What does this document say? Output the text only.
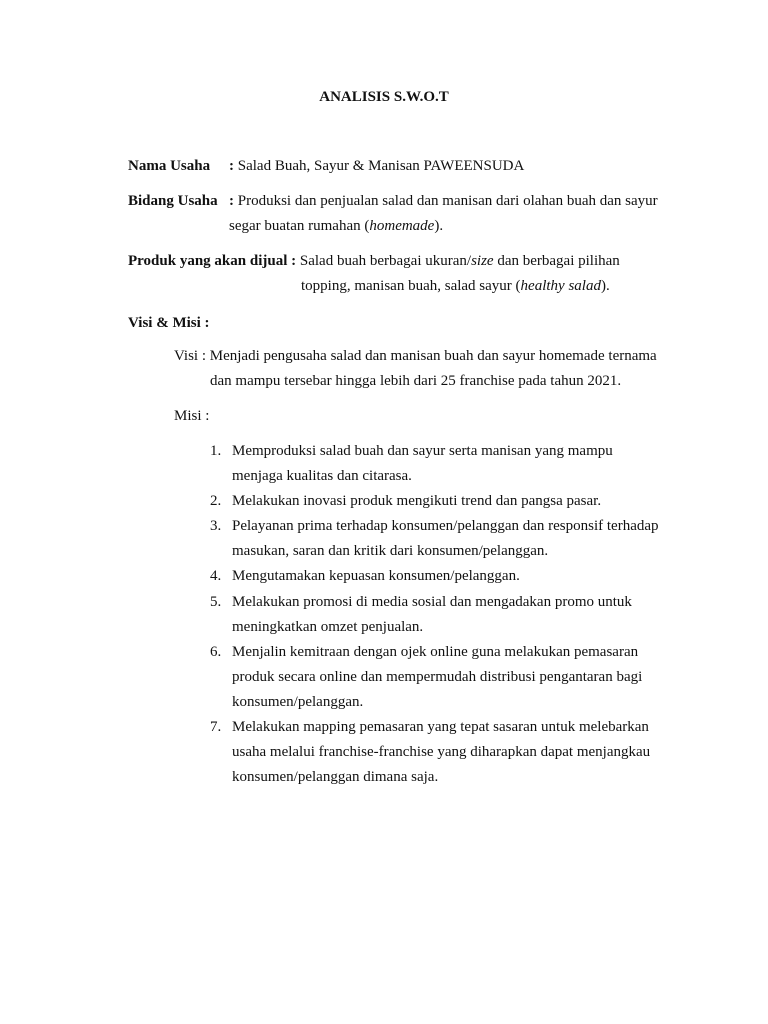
ANALISIS S.W.O.T
Nama Usaha : Salad Buah, Sayur & Manisan PAWEENSUDA
Bidang Usaha : Produksi dan penjualan salad dan manisan dari olahan buah dan sayur
segar buatan rumahan (homemade).
Produk yang akan dijual : Salad buah berbagai ukuran/size dan berbagai pilihan
topping, manisan buah, salad sayur (healthy salad).
Visi & Misi :
Visi : Menjadi pengusaha salad dan manisan buah dan sayur homemade ternama
dan mampu tersebar hingga lebih dari 25 franchise pada tahun 2021.
Misi :
1. Memproduksi salad buah dan sayur serta manisan yang mampu
menjaga kualitas dan citarasa.
2. Melakukan inovasi produk mengikuti trend dan pangsa pasar.
3. Pelayanan prima terhadap konsumen/pelanggan dan responsif terhadap
masukan, saran dan kritik dari konsumen/pelanggan.
4. Mengutamakan kepuasan konsumen/pelanggan.
5. Melakukan promosi di media sosial dan mengadakan promo untuk
meningkatkan omzet penjualan.
6. Menjalin kemitraan dengan ojek online guna melakukan pemasaran
produk secara online dan mempermudah distribusi pengantaran bagi
konsumen/pelanggan.
7. Melakukan mapping pemasaran yang tepat sasaran untuk melebarkan
usaha melalui franchise-franchise yang diharapkan dapat menjangkau
konsumen/pelanggan dimana saja.
